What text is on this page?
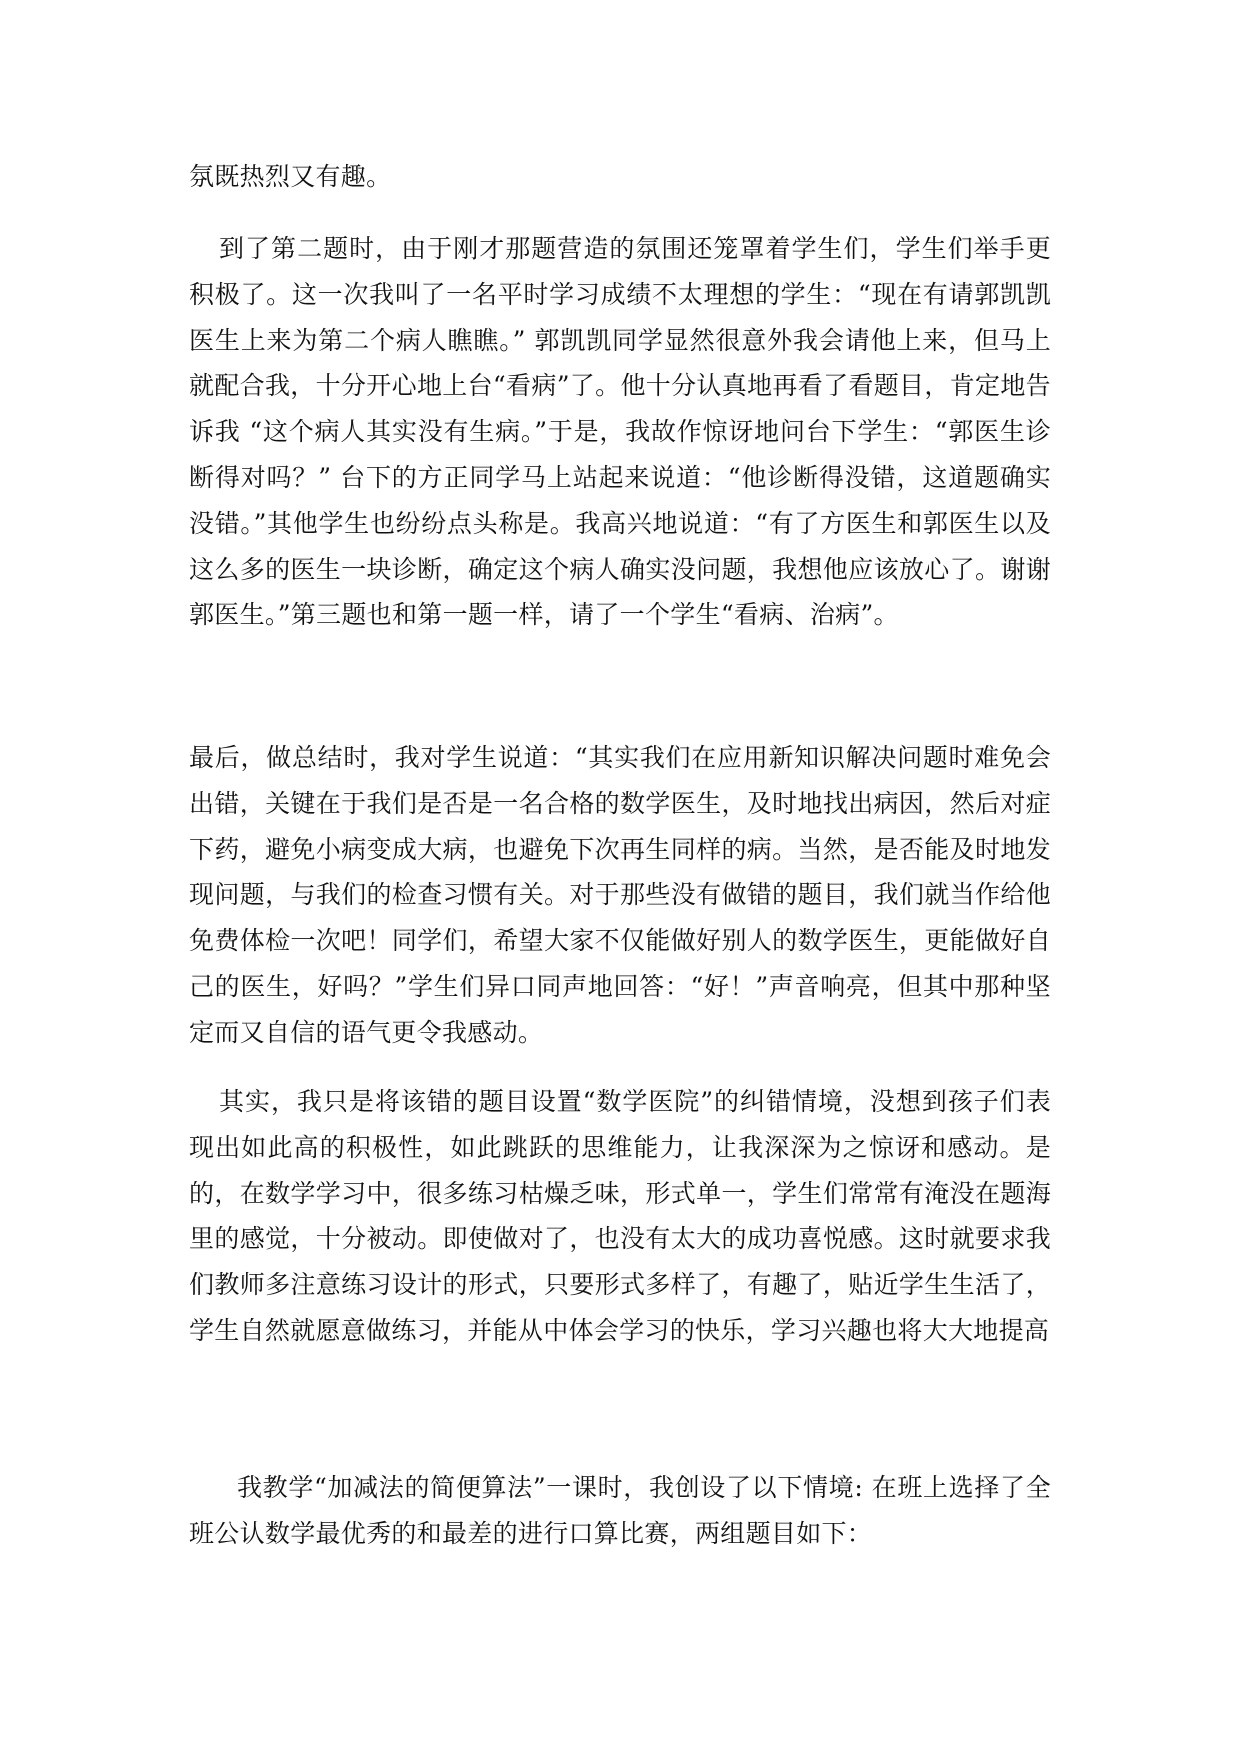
氛既热烈又有趣。

到了第二题时，由于刚才那题营造的氛围还笼罩着学生们，学生们举手更积极了。这一次我叫了一名平时学习成绩不太理想的学生：“现在有请郭凯凯医生上来为第二个病人瞧瞧。” 郭凯凯同学显然很意外我会请他上来，但马上就配合我，十分开心地上台“看病”了。他十分认真地再看了看题目，肯定地告诉我 “这个病人其实没有生病。”于是，我故作惊讶地问台下学生：“郭医生诊断得对吗？” 台下的方正同学马上站起来说道：“他诊断得没错，这道题确实没错。”其他学生也纷纷点头称是。我高兴地说道：“有了方医生和郭医生以及这么多的医生一块诊断，确定这个病人确实没问题，我想他应该放心了。谢谢郭医生。”第三题也和第一题一样，请了一个学生“看病、治病”。

最后，做总结时，我对学生说道：“其实我们在应用新知识解决问题时难免会出错，关键在于我们是否是一名合格的数学医生，及时地找出病因，然后对症下药，避免小病变成大病，也避免下次再生同样的病。当然，是否能及时地发现问题，与我们的检查习惯有关。对于那些没有做错的题目，我们就当作给他免费体检一次吧！同学们，希望大家不仅能做好别人的数学医生，更能做好自己的医生，好吗？”学生们异口同声地回答：“好！”声音响亮，但其中那种坚定而又自信的语气更令我感动。

其实，我只是将该错的题目设置“数学医院”的纠错情境，没想到孩子们表现出如此高的积极性，如此跳跃的思维能力，让我深深为之惊讶和感动。是的，在数学学习中，很多练习枯燥乏味，形式单一，学生们常常有淹没在题海里的感觉，十分被动。即使做对了，也没有太大的成功喜悦感。这时就要求我们教师多注意练习设计的形式，只要形式多样了，有趣了，贴近学生生活了，学生自然就愿意做练习，并能从中体会学习的快乐，学习兴趣也将大大地提高

我教学“加减法的简便算法”一课时，我创设了以下情境: 在班上选择了全班公认数学最优秀的和最差的进行口算比赛，两组题目如下：
